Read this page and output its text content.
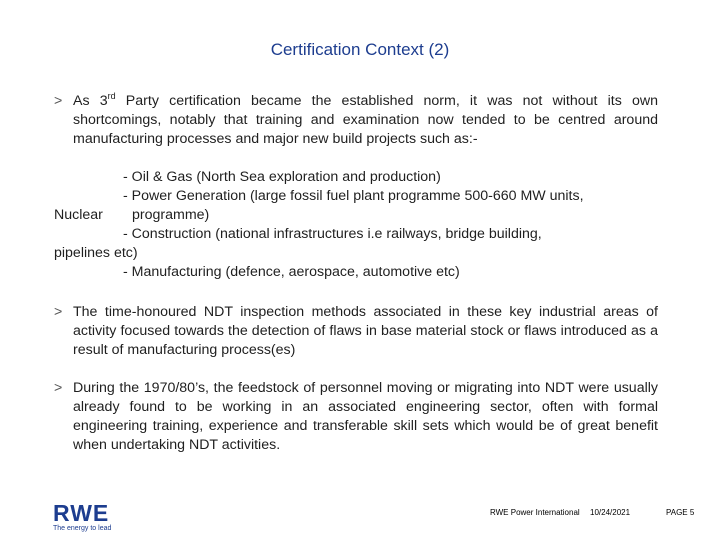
Certification Context (2)
> As 3rd Party certification became the established norm, it was not without its own shortcomings, notably that training and examination now tended to be centred around manufacturing processes and major new build projects such as:-
- Oil & Gas (North Sea exploration and production)
- Power Generation (large fossil fuel plant programme 500-660 MW units,
Nuclear programme)
- Construction (national infrastructures i.e railways, bridge building,
pipelines etc)
- Manufacturing (defence, aerospace, automotive etc)
> The time-honoured NDT inspection methods associated in these key industrial areas of activity focused towards the detection of flaws in base material stock or flaws introduced as a result of manufacturing process(es)
> During the 1970/80’s, the feedstock of personnel moving or migrating into NDT were usually already found to be working in an associated engineering sector, often with formal engineering training, experience and transferable skill sets which would be of great benefit when undertaking NDT activities.
RWE
The energy to lead
RWE Power International 10/24/2021	PAGE 5
